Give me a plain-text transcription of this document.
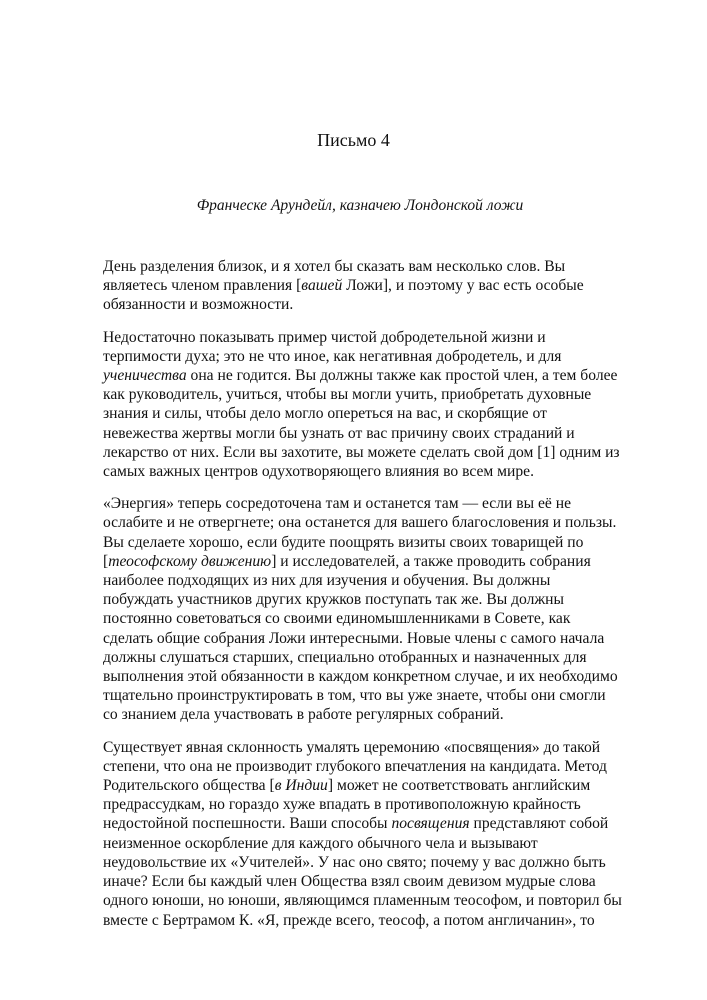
Письмо 4
Франческе Арундейл, казначею Лондонской ложи

День разделения близок, и я хотел бы сказать вам несколько слов. Вы
являетесь членом правления [вашей Ложи], и поэтому у вас есть особые
обязанности и возможности.

Недостаточно показывать пример чистой добродетельной жизни и
терпимости духа; это не что иное, как негативная добродетель, и для
ученичества она не годится. Вы должны также как простой член, а тем более
как руководитель, учиться, чтобы вы могли учить, приобретать духовные
знания и силы, чтобы дело могло опереться на вас, и скорбящие от
невежества жертвы могли бы узнать от вас причину своих страданий и
лекарство от них. Если вы захотите, вы можете сделать свой дом [1] одним из
самых важных центров одухотворяющего влияния во всем мире.

«Энергия» теперь сосредоточена там и останется там — если вы её не
ослабите и не отвергнете; она останется для вашего благословения и пользы.
Вы сделаете хорошо, если будите поощрять визиты своих товарищей по
[теософскому движению] и исследователей, а также проводить собрания
наиболее подходящих из них для изучения и обучения. Вы должны
побуждать участников других кружков поступать так же. Вы должны
постоянно советоваться со своими единомышленниками в Совете, как
сделать общие собрания Ложи интересными. Новые члены с самого начала
должны слушаться старших, специально отобранных и назначенных для
выполнения этой обязанности в каждом конкретном случае, и их необходимо
тщательно проинструктировать в том, что вы уже знаете, чтобы они смогли
со знанием дела участвовать в работе регулярных собраний.

Существует явная склонность умалять церемонию «посвящения» до такой
степени, что она не производит глубокого впечатления на кандидата. Метод
Родительского общества [в Индии] может не соответствовать английским
предрассудкам, но гораздо хуже впадать в противоположную крайность
недостойной поспешности. Ваши способы посвящения представляют собой
неизменное оскорбление для каждого обычного чела и вызывают
неудовольствие их «Учителей». У нас оно свято; почему у вас должно быть
иначе? Если бы каждый член Общества взял своим девизом мудрые слова
одного юноши, но юноши, являющимся пламенным теософом, и повторил бы
вместе с Бертрамом К. «Я, прежде всего, теософ, а потом англичанин», то
